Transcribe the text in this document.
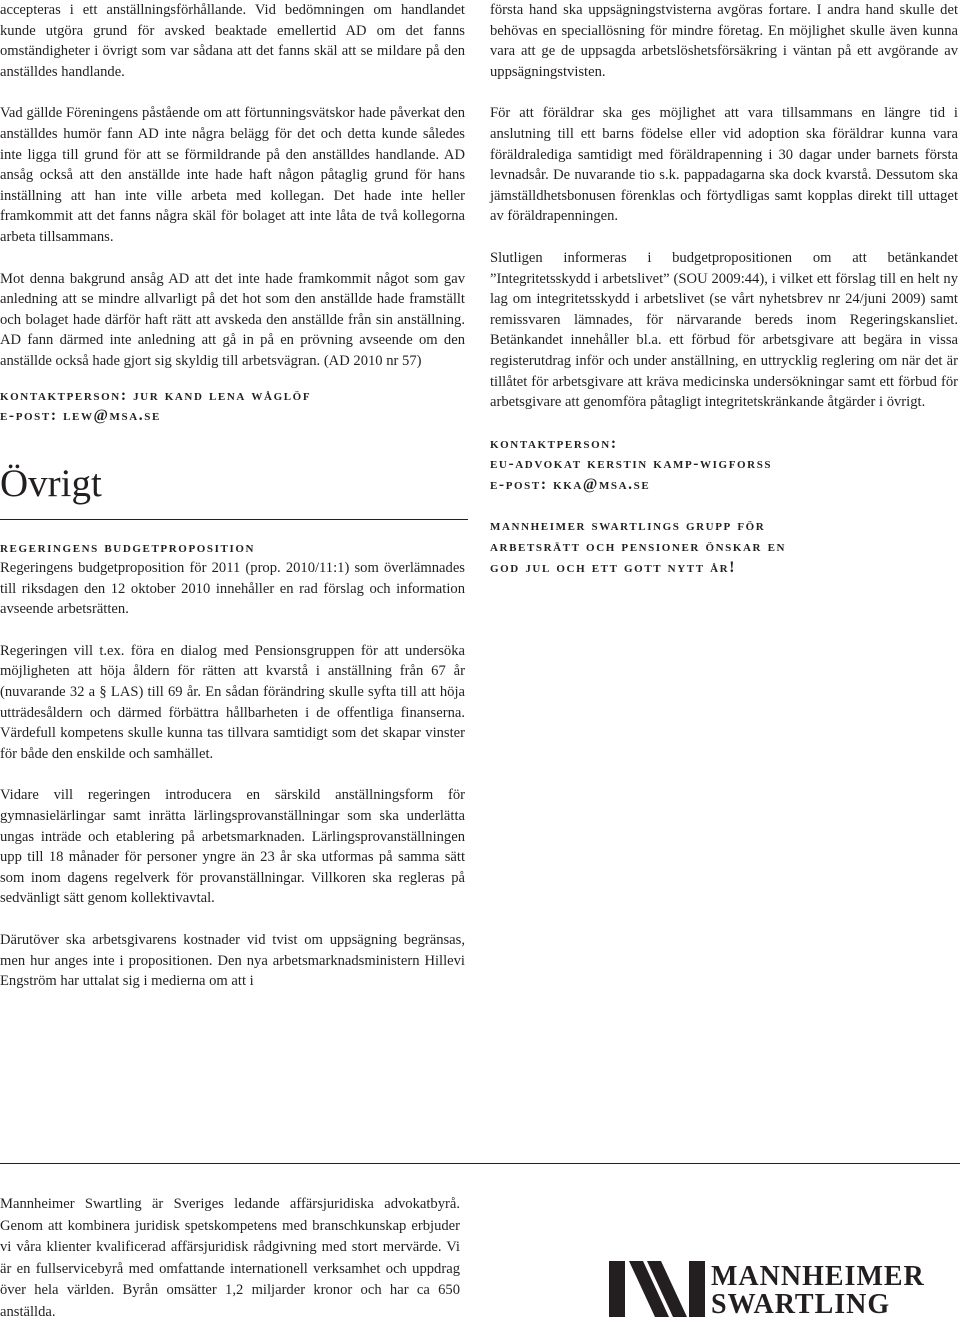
accepteras i ett anställningsförhållande. Vid bedömningen om handlandet kunde utgöra grund för avsked beaktade emellertid AD om det fanns omständigheter i övrigt som var sådana att det fanns skäl att se mildare på den anställdes handlande.

Vad gällde Föreningens påstående om att förtunningsvätskor hade påverkat den anställdes humör fann AD inte några belägg för det och detta kunde således inte ligga till grund för att se förmildrande på den anställdes handlande. AD ansåg också att den anställde inte hade haft någon påtaglig grund för hans inställning att han inte ville arbeta med kollegan. Det hade inte heller framkommit att det fanns några skäl för bolaget att inte låta de två kollegorna arbeta tillsammans.

Mot denna bakgrund ansåg AD att det inte hade framkommit något som gav anledning att se mindre allvarligt på det hot som den anställde hade framställt och bolaget hade därför haft rätt att avskeda den anställde från sin anställning. AD fann därmed inte anledning att gå in på en prövning avseende om den anställde också hade gjort sig skyldig till arbetsvägran. (AD 2010 nr 57)

kontaktperson: jur kand lena wåglöf
e-post: lew@msa.se
Övrigt
regeringens budgetproposition

Regeringens budgetproposition för 2011 (prop. 2010/11:1) som överlämnades till riksdagen den 12 oktober 2010 innehåller en rad förslag och information avseende arbetsrätten.

Regeringen vill t.ex. föra en dialog med Pensionsgruppen för att undersöka möjligheten att höja åldern för rätten att kvarstå i anställning från 67 år (nuvarande 32 a § LAS) till 69 år. En sådan förändring skulle syfta till att höja utträdesåldern och därmed förbättra hållbarheten i de offentliga finanserna. Värdefull kompetens skulle kunna tas tillvara samtidigt som det skapar vinster för både den enskilde och samhället.

Vidare vill regeringen introducera en särskild anställningsform för gymnasielärlingar samt inrätta lärlingsprovanställningar som ska underlätta ungas inträde och etablering på arbetsmarknaden. Lärlingsprovanställningen upp till 18 månader för personer yngre än 23 år ska utformas på samma sätt som inom dagens regelverk för provanställningar. Villkoren ska regleras på sedvänligt sätt genom kollektivavtal.

Därutöver ska arbetsgivarens kostnader vid tvist om uppsägning begränsas, men hur anges inte i propositionen. Den nya arbetsmarknadsministern Hillevi Engström har uttalat sig i medierna om att i

första hand ska uppsägningstvisterna avgöras fortare. I andra hand skulle det behövas en speciallösning för mindre företag. En möjlighet skulle även kunna vara att ge de uppsagda arbetslöshetsförsäkring i väntan på ett avgörande av uppsägningstvisten.

För att föräldrar ska ges möjlighet att vara tillsammans en längre tid i anslutning till ett barns födelse eller vid adoption ska föräldrar kunna vara föräldralediga samtidigt med föräldrapenning i 30 dagar under barnets första levnadsår. De nuvarande tio s.k. pappadagarna ska dock kvarstå. Dessutom ska jämställdhetsbonusen förenklas och förtydligas samt kopplas direkt till uttaget av föräldrapenningen.

Slutligen informeras i budgetpropositionen om att betänkandet ”Integritetsskydd i arbetslivet” (SOU 2009:44), i vilket ett förslag till en helt ny lag om integritetsskydd i arbetslivet (se vårt nyhetsbrev nr 24/juni 2009) samt remissvaren lämnades, för närvarande bereds inom Regeringskansliet. Betänkandet innehåller bl.a. ett förbud för arbetsgivare att begära in vissa registerutdrag inför och under anställning, en uttrycklig reglering om när det är tillåtet för arbetsgivare att kräva medicinska undersökningar samt ett förbud för arbetsgivare att genomföra påtagligt integritetskränkande åtgärder i övrigt.

kontaktperson:
eu-advokat kerstin kamp-wigforss
e-post: kka@msa.se
mannheimer swartlings grupp för
arbetsrätt och pensioner önskar en
god jul och ett gott nytt år!
Mannheimer Swartling är Sveriges ledande affärsjuridiska advokatbyrå. Genom att kombinera juridisk spetskompetens med branschkunskap erbjuder vi våra klienter kvalificerad affärsjuridisk rådgivning med stort mervärde. Vi är en fullservicebyrå med omfattande internationell verksamhet och uppdrag över hela världen. Byrån omsätter 1,2 miljarder kronor och har ca 650 anställda.
MANNHEIMER
SWARTLING
